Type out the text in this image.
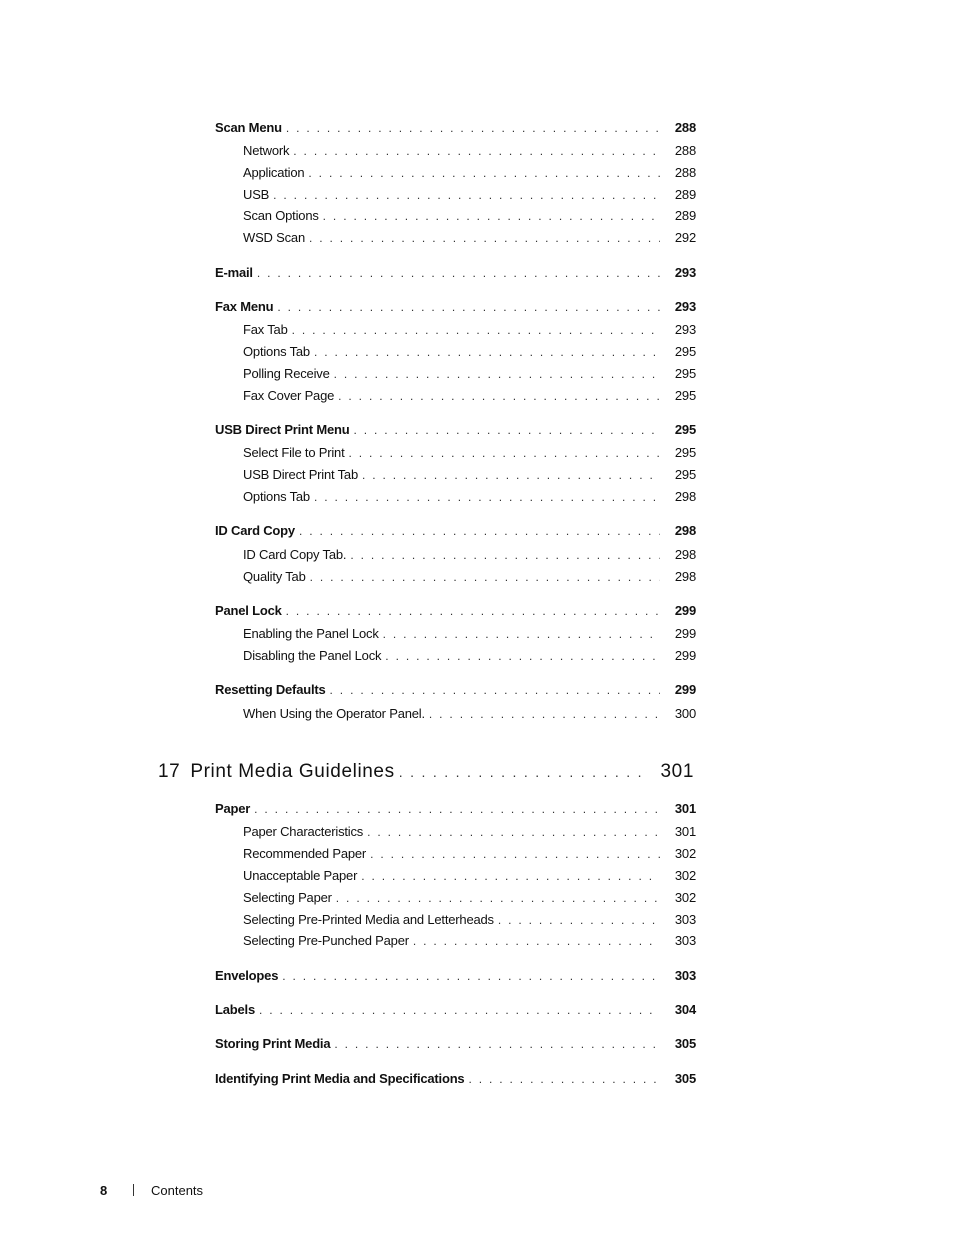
Scan Menu . . .	288
Network . . .	288
Application . . .	288
USB . . .	289
Scan Options . . .	289
WSD Scan . . .	292
E-mail . . .	293
Fax Menu . . .	293
Fax Tab . . .	293
Options Tab . . .	295
Polling Receive . . .	295
Fax Cover Page . . .	295
USB Direct Print Menu . . .	295
Select File to Print . . .	295
USB Direct Print Tab . . .	295
Options Tab . . .	298
ID Card Copy . . .	298
ID Card Copy Tab. . . .	298
Quality Tab . . .	298
Panel Lock . . .	299
Enabling the Panel Lock . . .	299
Disabling the Panel Lock . . .	299
Resetting Defaults . . .	299
When Using the Operator Panel. . . .	300
17 Print Media Guidelines . . .	301
Paper . . .	301
Paper Characteristics . . .	301
Recommended Paper . . .	302
Unacceptable Paper . . .	302
Selecting Paper . . .	302
Selecting Pre-Printed Media and Letterheads . . .	303
Selecting Pre-Punched Paper . . .	303
Envelopes . . .	303
Labels . . .	304
Storing Print Media . . .	305
Identifying Print Media and Specifications . . .	305
8	Contents
